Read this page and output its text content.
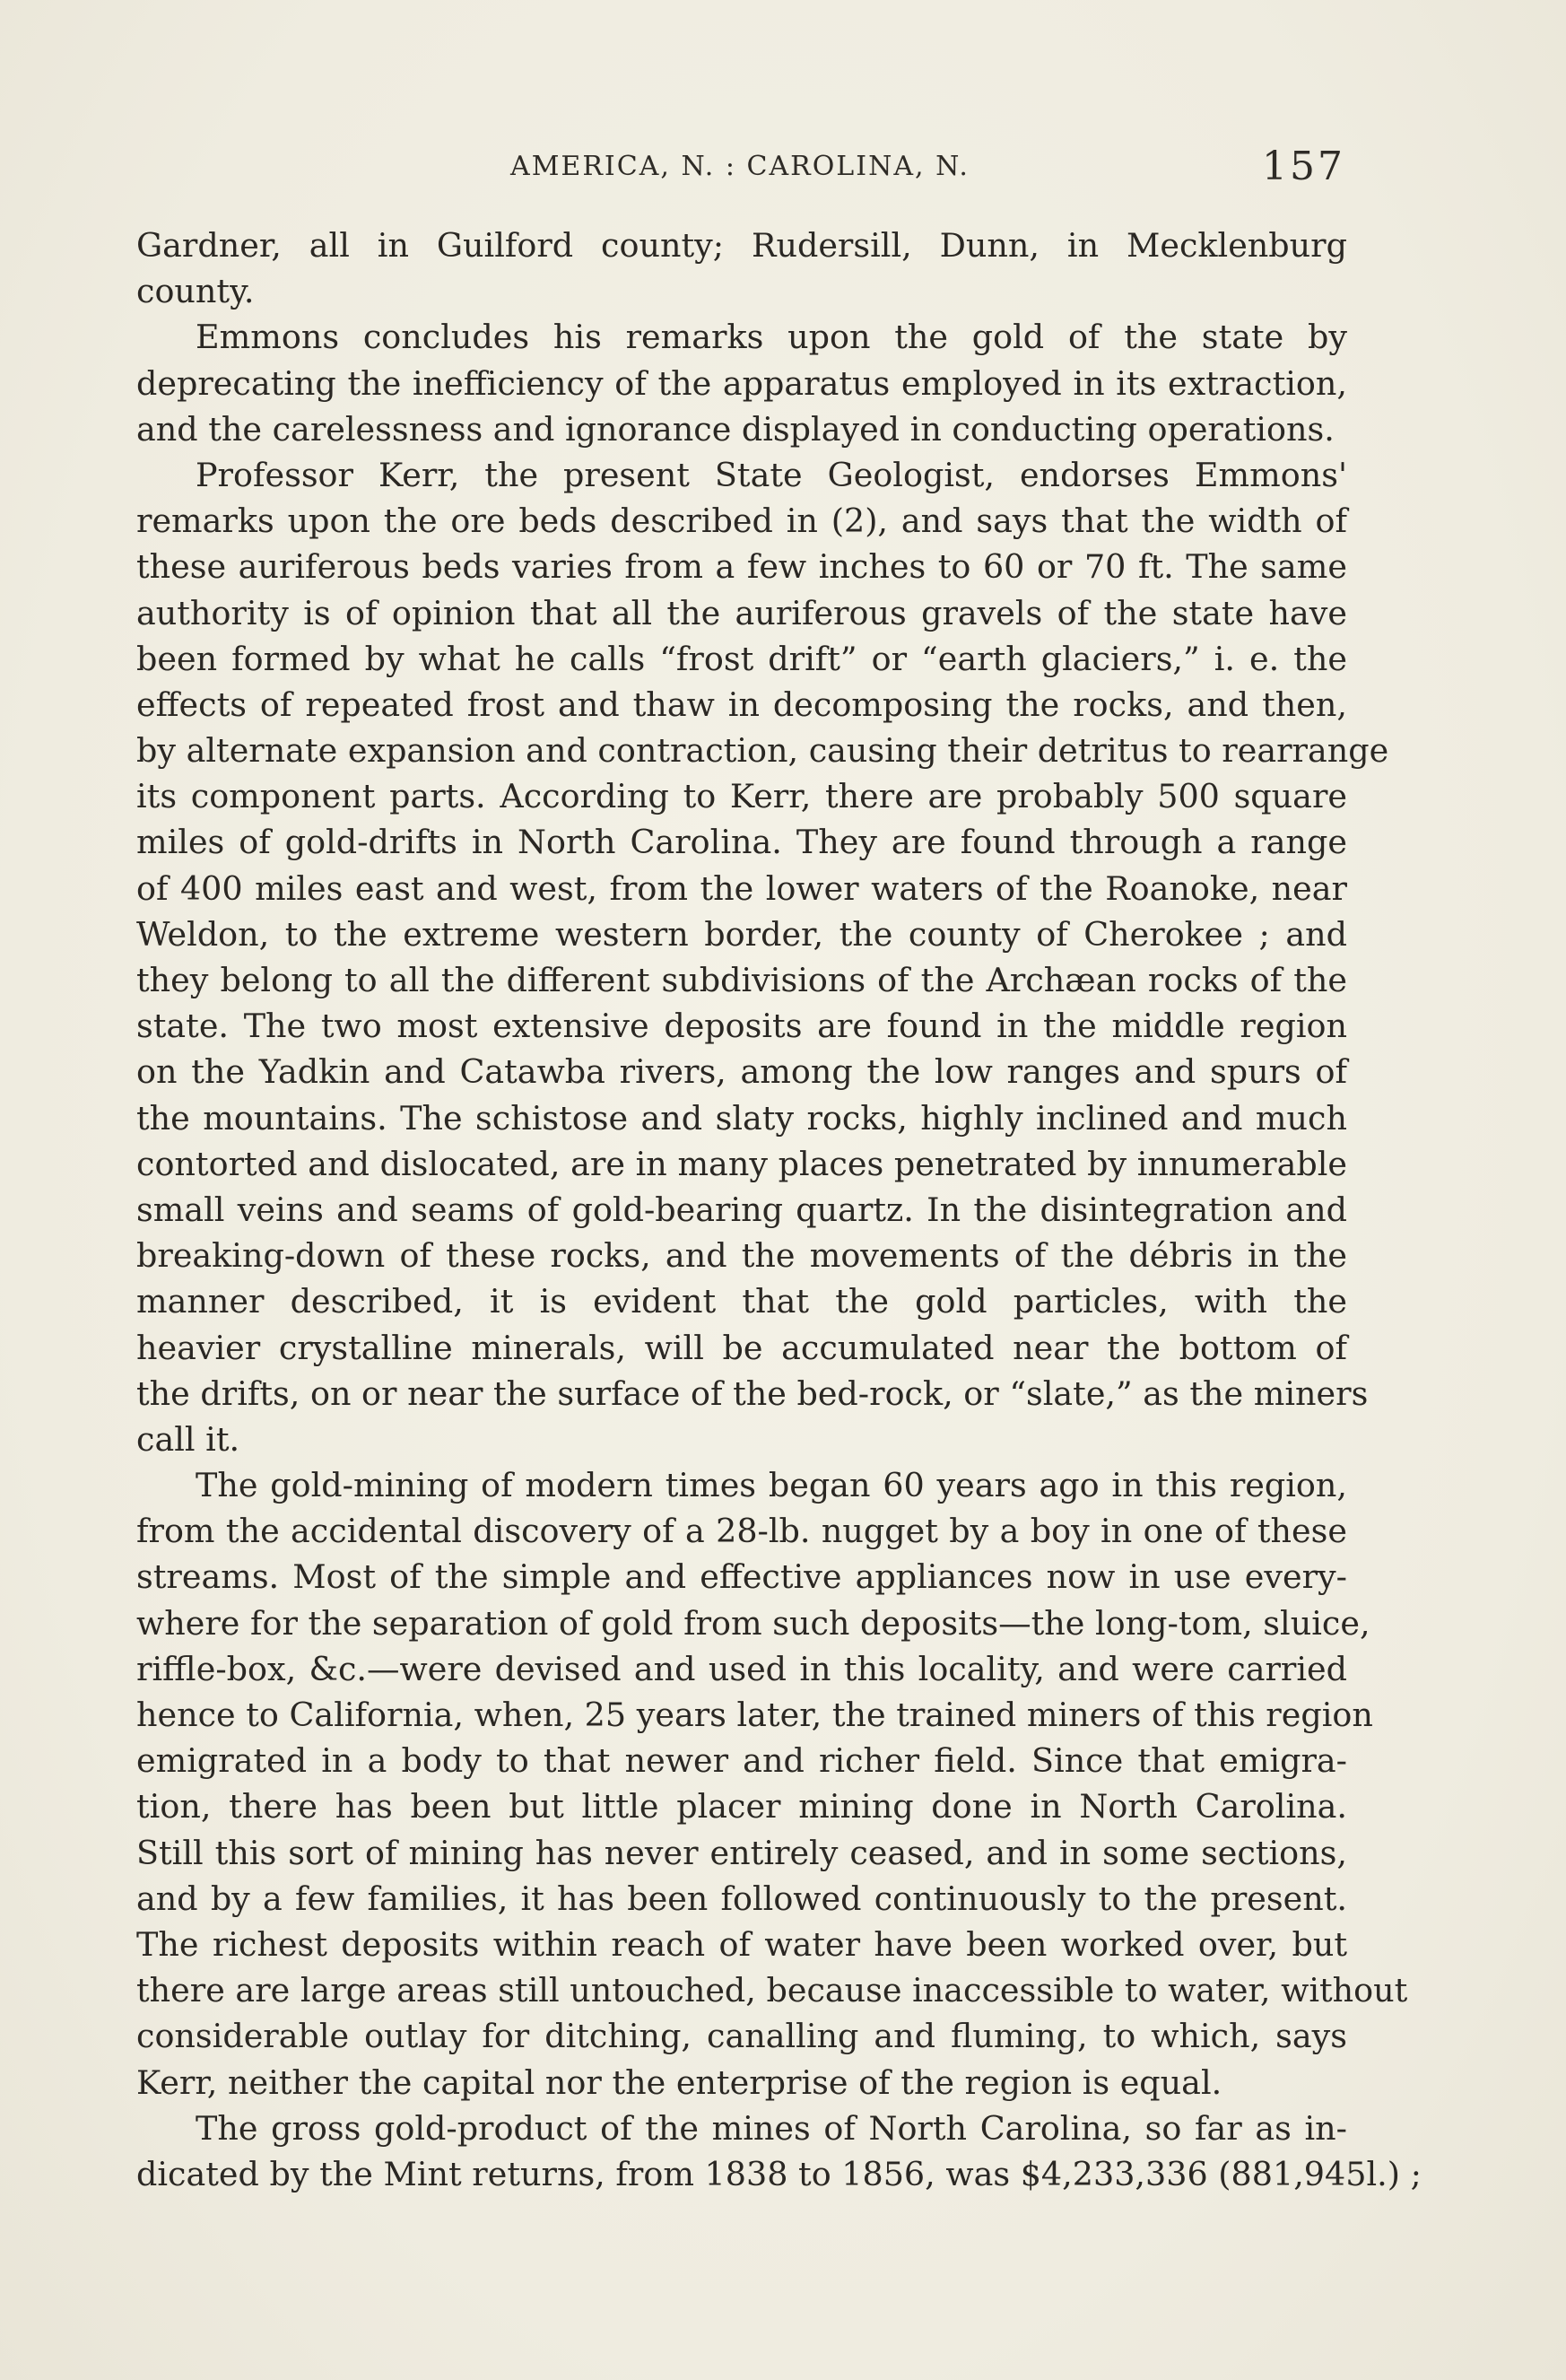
AMERICA, N. : CAROLINA, N.	157
Gardner, all in Guilford county; Rudersill, Dunn, in Mecklenburg
county.
Emmons concludes his remarks upon the gold of the state by
deprecating the inefficiency of the apparatus employed in its extraction,
and the carelessness and ignorance displayed in conducting operations.
Professor Kerr, the present State Geologist, endorses Emmons'
remarks upon the ore beds described in (2), and says that the width of
these auriferous beds varies from a few inches to 60 or 70 ft. The same
authority is of opinion that all the auriferous gravels of the state have
been formed by what he calls “frost drift” or “earth glaciers,” i. e. the
effects of repeated frost and thaw in decomposing the rocks, and then,
by alternate expansion and contraction, causing their detritus to rearrange
its component parts. According to Kerr, there are probably 500 square
miles of gold-drifts in North Carolina. They are found through a range
of 400 miles east and west, from the lower waters of the Roanoke, near
Weldon, to the extreme western border, the county of Cherokee ; and
they belong to all the different subdivisions of the Archæan rocks of the
state. The two most extensive deposits are found in the middle region
on the Yadkin and Catawba rivers, among the low ranges and spurs of
the mountains. The schistose and slaty rocks, highly inclined and much
contorted and dislocated, are in many places penetrated by innumerable
small veins and seams of gold-bearing quartz. In the disintegration and
breaking-down of these rocks, and the movements of the débris in the
manner described, it is evident that the gold particles, with the
heavier crystalline minerals, will be accumulated near the bottom of
the drifts, on or near the surface of the bed-rock, or “slate,” as the miners
call it.
The gold-mining of modern times began 60 years ago in this region,
from the accidental discovery of a 28-lb. nugget by a boy in one of these
streams. Most of the simple and effective appliances now in use every-
where for the separation of gold from such deposits—the long-tom, sluice,
riffle-box, &c.—were devised and used in this locality, and were carried
hence to California, when, 25 years later, the trained miners of this region
emigrated in a body to that newer and richer field. Since that emigra-
tion, there has been but little placer mining done in North Carolina.
Still this sort of mining has never entirely ceased, and in some sections,
and by a few families, it has been followed continuously to the present.
The richest deposits within reach of water have been worked over, but
there are large areas still untouched, because inaccessible to water, without
considerable outlay for ditching, canalling and fluming, to which, says
Kerr, neither the capital nor the enterprise of the region is equal.
The gross gold-product of the mines of North Carolina, so far as in-
dicated by the Mint returns, from 1838 to 1856, was $4,233,336 (881,945l.) ;
